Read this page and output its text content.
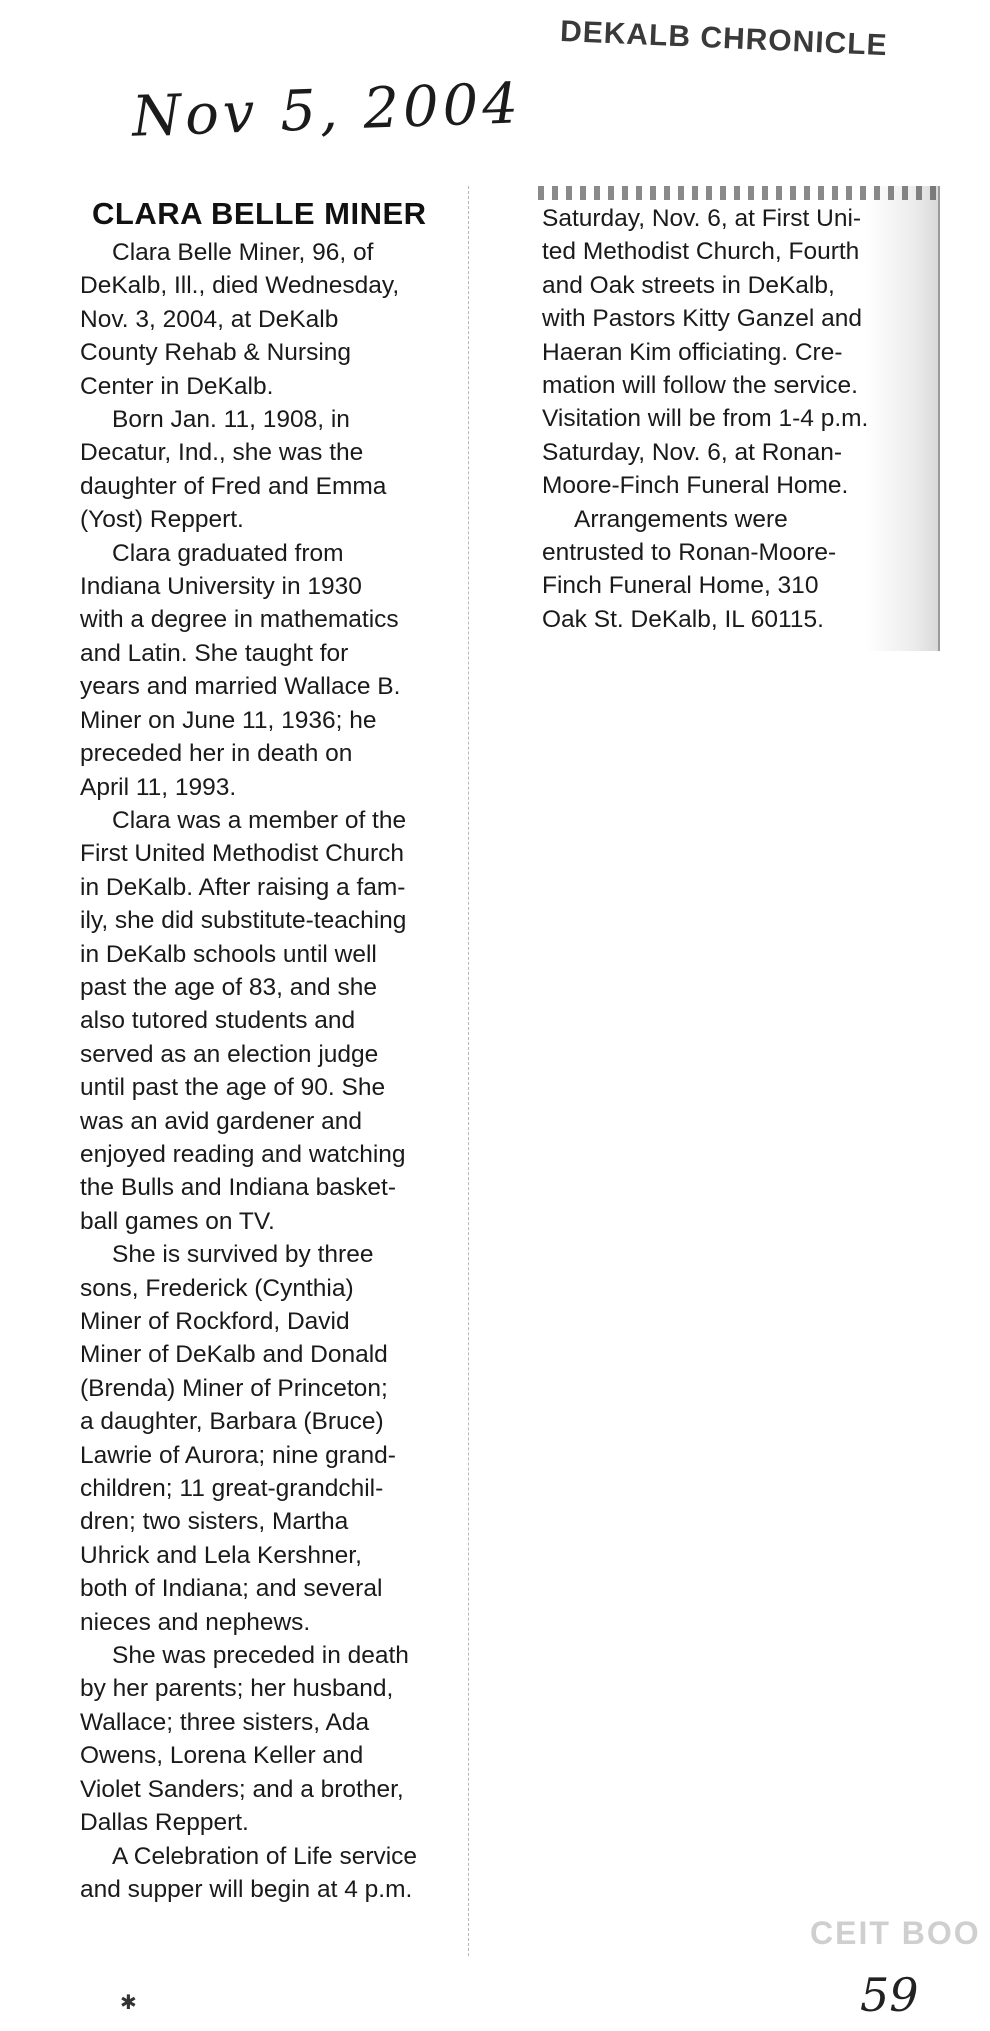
DEKALB CHRONICLE
Nov 5, 2004
CLARA BELLE MINER

Clara Belle Miner, 96, of
DeKalb, Ill., died Wednesday,
Nov. 3, 2004, at DeKalb
County Rehab & Nursing
Center in DeKalb.

Born Jan. 11, 1908, in
Decatur, Ind., she was the
daughter of Fred and Emma
(Yost) Reppert.

Clara graduated from
Indiana University in 1930
with a degree in mathematics
and Latin. She taught for
years and married Wallace B.
Miner on June 11, 1936; he
preceded her in death on
April 11, 1993.

Clara was a member of the
First United Methodist Church
in DeKalb. After raising a fam-
ily, she did substitute-teaching
in DeKalb schools until well
past the age of 83, and she
also tutored students and
served as an election judge
until past the age of 90. She
was an avid gardener and
enjoyed reading and watching
the Bulls and Indiana basket-
ball games on TV.

She is survived by three
sons, Frederick (Cynthia)
Miner of Rockford, David
Miner of DeKalb and Donald
(Brenda) Miner of Princeton;
a daughter, Barbara (Bruce)
Lawrie of Aurora; nine grand-
children; 11 great-grandchil-
dren; two sisters, Martha
Uhrick and Lela Kershner,
both of Indiana; and several
nieces and nephews.

She was preceded in death
by her parents; her husband,
Wallace; three sisters, Ada
Owens, Lorena Keller and
Violet Sanders; and a brother,
Dallas Reppert.

A Celebration of Life service
and supper will begin at 4 p.m.

Saturday, Nov. 6, at First Uni-
ted Methodist Church, Fourth
and Oak streets in DeKalb,
with Pastors Kitty Ganzel and
Haeran Kim officiating. Cre-
mation will follow the service.
Visitation will be from 1-4 p.m.
Saturday, Nov. 6, at Ronan-
Moore-Finch Funeral Home.

Arrangements were
entrusted to Ronan-Moore-
Finch Funeral Home, 310
Oak St. DeKalb, IL 60115.

CEIT BOO
59
✱
